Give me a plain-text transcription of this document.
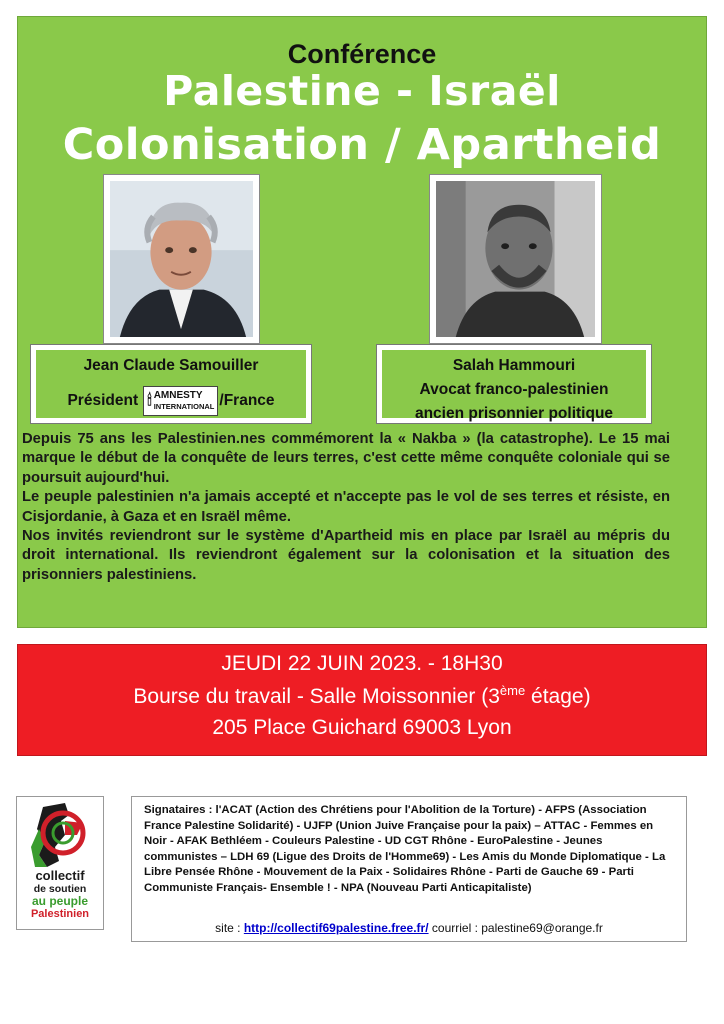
Conférence
Palestine - Israël
Colonisation / Apartheid
Jean Claude Samouiller
Président 🕯 AMNESTY
INTERNATIONAL /France
Salah Hammouri
Avocat franco-palestinien
ancien prisonnier politique

Depuis 75 ans les Palestinien.nes commémorent la « Nakba » (la catastrophe). Le 15 mai marque le début de la conquête de leurs terres, c'est cette même conquête coloniale qui se poursuit aujourd'hui.

Le peuple palestinien n'a jamais accepté et n'accepte pas le vol de ses terres et résiste, en Cisjordanie, à Gaza et en Israël même.

Nos invités reviendront sur le système d'Apartheid mis en place par Israël au mépris du droit international. Ils reviendront également sur la colonisation et la situation des prisonniers palestiniens.

JEUDI 22 JUIN 2023. - 18H30
Bourse du travail - Salle Moissonnier (3ème étage)
205 Place Guichard 69003 Lyon
collectif
de soutien
au peuple
Palestinien
Signataires : l'ACAT (Action des Chrétiens pour l'Abolition de la Torture) - AFPS (Association France Palestine Solidarité) - UJFP (Union Juive Française pour la paix) – ATTAC - Femmes en Noir - AFAK Bethléem - Couleurs Palestine - UD CGT Rhône - EuroPalestine - Jeunes communistes – LDH 69 (Ligue des Droits de l'Homme69) - Les Amis du Monde Diplomatique - La Libre Pensée Rhône - Mouvement de la Paix - Solidaires Rhône - Parti de Gauche 69 - Parti Communiste Français- Ensemble ! - NPA (Nouveau Parti Anticapitaliste)
site : http://collectif69palestine.free.fr/ courriel : palestine69@orange.fr
